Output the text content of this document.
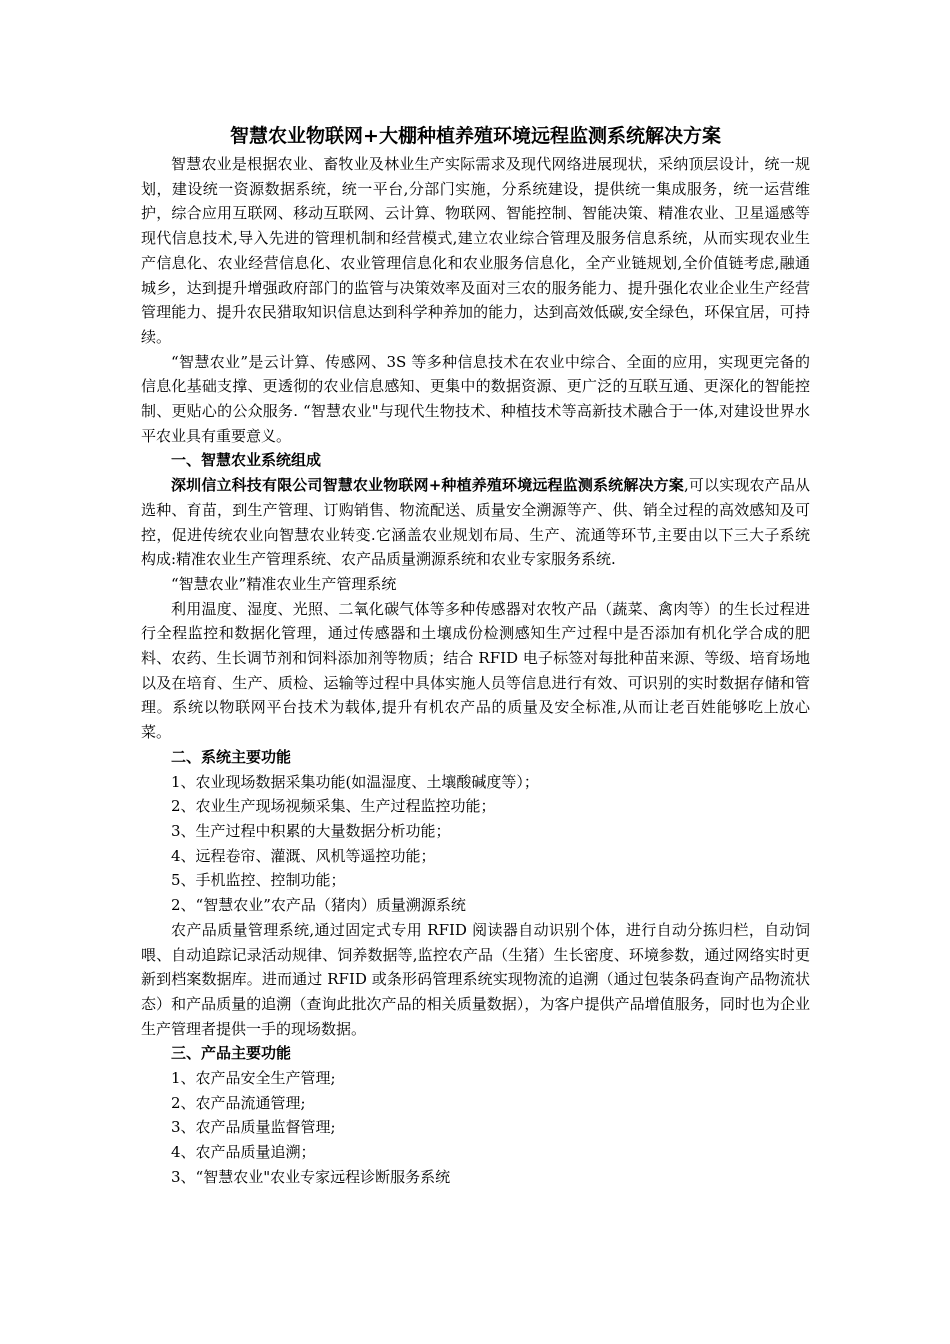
智慧农业物联网+大棚种植养殖环境远程监测系统解决方案

智慧农业是根据农业、畜牧业及林业生产实际需求及现代网络进展现状，采纳顶层设计，统一规划，建设统一资源数据系统，统一平台,分部门实施，分系统建设，提供统一集成服务，统一运营维护，综合应用互联网、移动互联网、云计算、物联网、智能控制、智能决策、精准农业、卫星遥感等现代信息技术,导入先进的管理机制和经营模式,建立农业综合管理及服务信息系统，从而实现农业生产信息化、农业经营信息化、农业管理信息化和农业服务信息化，全产业链规划,全价值链考虑,融通城乡，达到提升增强政府部门的监管与决策效率及面对三农的服务能力、提升强化农业企业生产经营管理能力、提升农民猎取知识信息达到科学种养加的能力，达到高效低碳,安全绿色，环保宜居，可持续。

“智慧农业”是云计算、传感网、3S 等多种信息技术在农业中综合、全面的应用，实现更完备的信息化基础支撑、更透彻的农业信息感知、更集中的数据资源、更广泛的互联互通、更深化的智能控制、更贴心的公众服务. “智慧农业"与现代生物技术、种植技术等高新技术融合于一体,对建设世界水平农业具有重要意义。

一、智慧农业系统组成

深圳信立科技有限公司智慧农业物联网+种植养殖环境远程监测系统解决方案,可以实现农产品从选种、育苗，到生产管理、订购销售、物流配送、质量安全溯源等产、供、销全过程的高效感知及可控，促进传统农业向智慧农业转变.它涵盖农业规划布局、生产、流通等环节,主要由以下三大子系统构成:精准农业生产管理系统、农产品质量溯源系统和农业专家服务系统.

“智慧农业”精准农业生产管理系统

利用温度、湿度、光照、二氧化碳气体等多种传感器对农牧产品（蔬菜、禽肉等）的生长过程进行全程监控和数据化管理，通过传感器和土壤成份检测感知生产过程中是否添加有机化学合成的肥料、农药、生长调节剂和饲料添加剂等物质；结合 RFID 电子标签对每批种苗来源、等级、培育场地以及在培育、生产、质检、运输等过程中具体实施人员等信息进行有效、可识别的实时数据存储和管理。系统以物联网平台技术为载体,提升有机农产品的质量及安全标准,从而让老百姓能够吃上放心菜。

二、系统主要功能

1、农业现场数据采集功能(如温湿度、土壤酸碱度等）；

2、农业生产现场视频采集、生产过程监控功能；

3、生产过程中积累的大量数据分析功能；

4、远程卷帘、灌溉、风机等遥控功能；

5、手机监控、控制功能；

2、“智慧农业”农产品（猪肉）质量溯源系统

农产品质量管理系统,通过固定式专用 RFID 阅读器自动识别个体，进行自动分拣归栏，自动饲喂、自动追踪记录活动规律、饲养数据等,监控农产品（生猪）生长密度、环境参数，通过网络实时更新到档案数据库。进而通过 RFID 或条形码管理系统实现物流的追溯（通过包装条码查询产品物流状态）和产品质量的追溯（查询此批次产品的相关质量数据），为客户提供产品增值服务，同时也为企业生产管理者提供一手的现场数据。

三、产品主要功能

1、农产品安全生产管理;

2、农产品流通管理;

3、农产品质量监督管理;

4、农产品质量追溯；

3、“智慧农业"农业专家远程诊断服务系统
